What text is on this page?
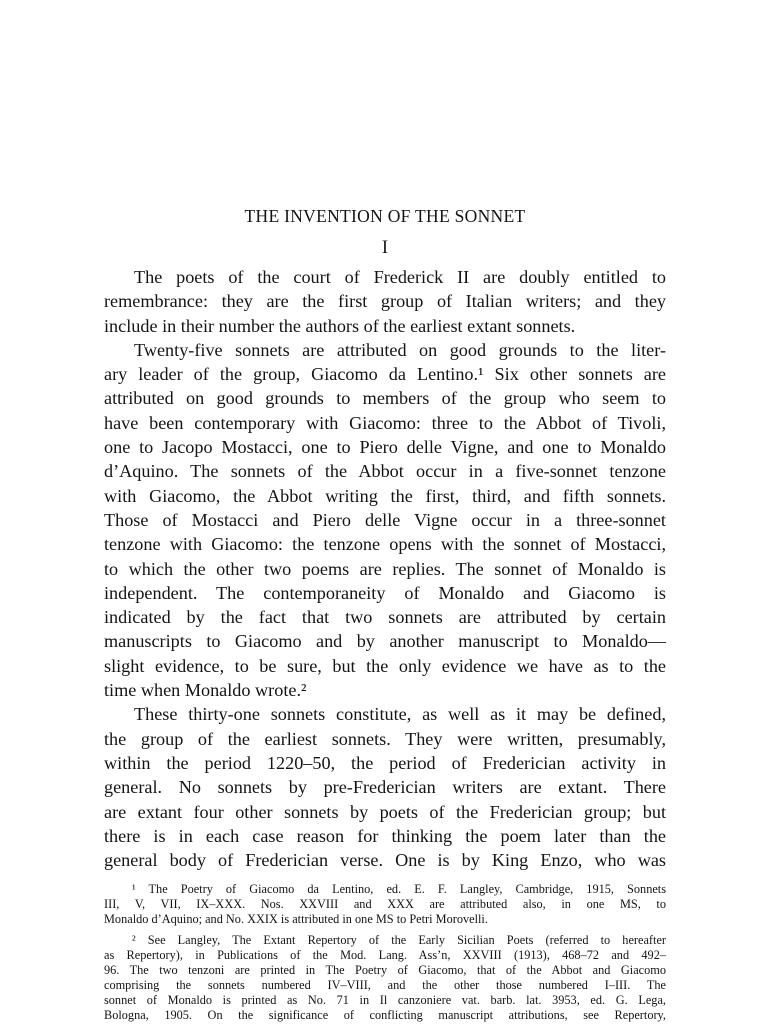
THE INVENTION OF THE SONNET
I
The poets of the court of Frederick II are doubly entitled to
remembrance: they are the first group of Italian writers; and they
include in their number the authors of the earliest extant sonnets.
Twenty-five sonnets are attributed on good grounds to the liter-
ary leader of the group, Giacomo da Lentino.¹ Six other sonnets are
attributed on good grounds to members of the group who seem to
have been contemporary with Giacomo: three to the Abbot of Tivoli,
one to Jacopo Mostacci, one to Piero delle Vigne, and one to Monaldo
d’Aquino. The sonnets of the Abbot occur in a five-sonnet tenzone
with Giacomo, the Abbot writing the first, third, and fifth sonnets.
Those of Mostacci and Piero delle Vigne occur in a three-sonnet
tenzone with Giacomo: the tenzone opens with the sonnet of Mostacci,
to which the other two poems are replies. The sonnet of Monaldo is
independent. The contemporaneity of Monaldo and Giacomo is
indicated by the fact that two sonnets are attributed by certain
manuscripts to Giacomo and by another manuscript to Monaldo—
slight evidence, to be sure, but the only evidence we have as to the
time when Monaldo wrote.²
These thirty-one sonnets constitute, as well as it may be defined,
the group of the earliest sonnets. They were written, presumably,
within the period 1220–50, the period of Frederician activity in
general. No sonnets by pre-Frederician writers are extant. There
are extant four other sonnets by poets of the Frederician group; but
there is in each case reason for thinking the poem later than the
general body of Frederician verse. One is by King Enzo, who was
¹ The Poetry of Giacomo da Lentino, ed. E. F. Langley, Cambridge, 1915, Sonnets
III, V, VII, IX–XXX. Nos. XXVIII and XXX are attributed also, in one MS, to
Monaldo d’Aquino; and No. XXIX is attributed in one MS to Petri Morovelli.
² See Langley, The Extant Repertory of the Early Sicilian Poets (referred to hereafter
as Repertory), in Publications of the Mod. Lang. Ass’n, XXVIII (1913), 468–72 and 492–
96. The two tenzoni are printed in The Poetry of Giacomo, that of the Abbot and Giacomo
comprising the sonnets numbered IV–VIII, and the other those numbered I–III. The
sonnet of Monaldo is printed as No. 71 in Il canzoniere vat. barb. lat. 3953, ed. G. Lega,
Bologna, 1905. On the significance of conflicting manuscript attributions, see Repertory,
